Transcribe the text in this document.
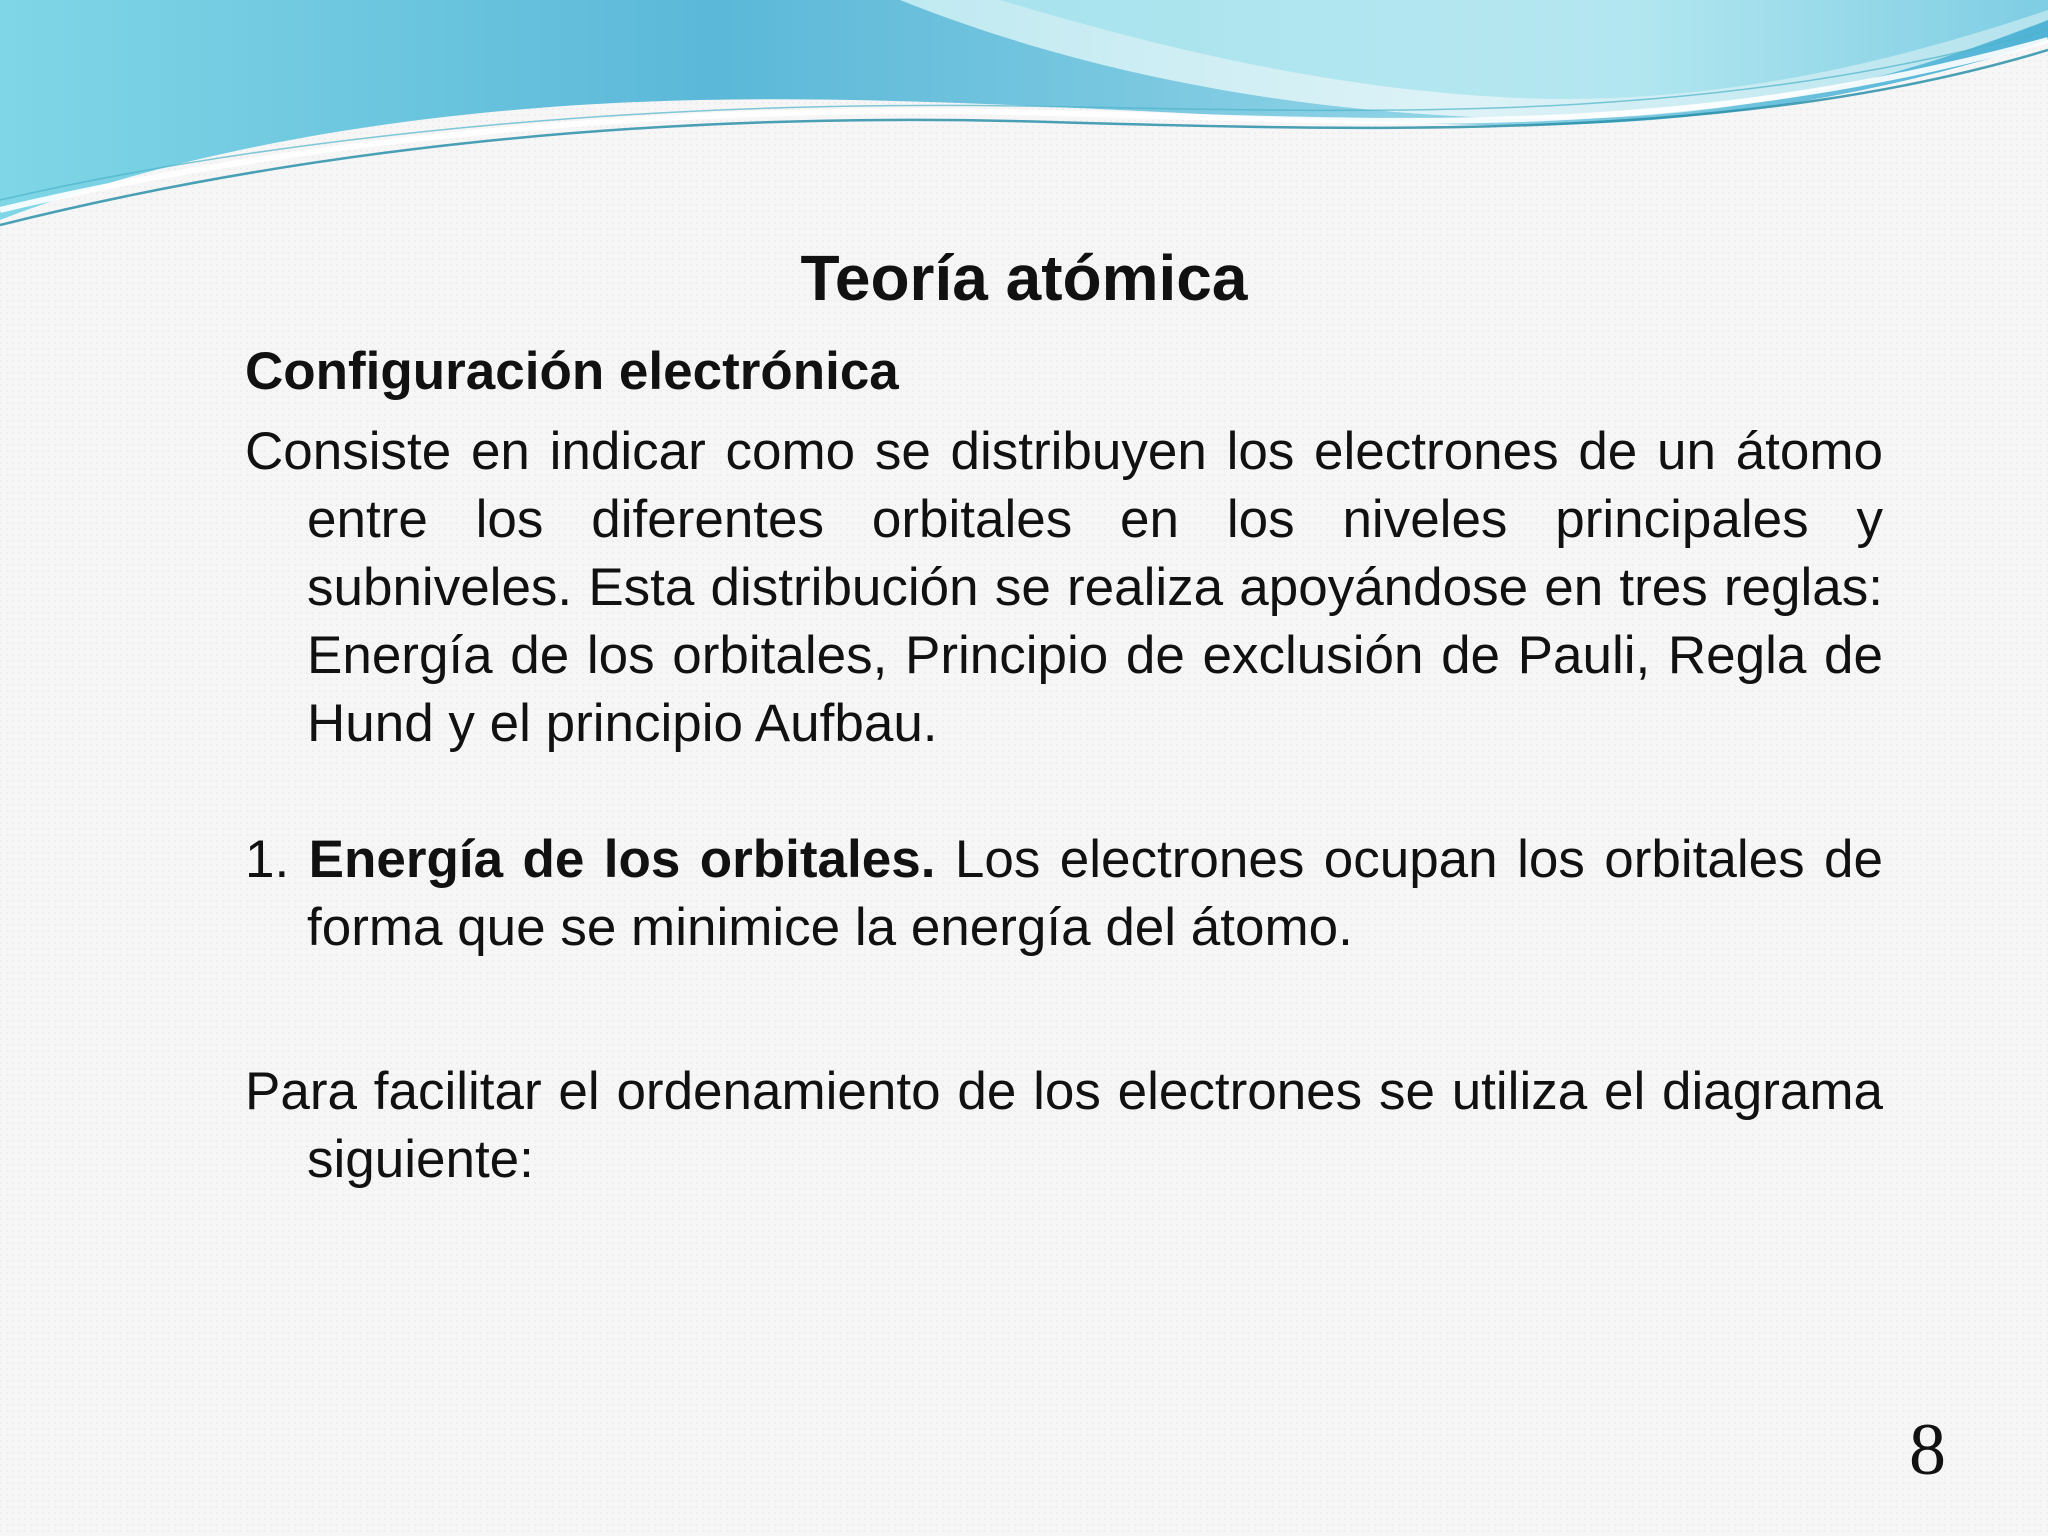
Teoría atómica

Configuración electrónica

Consiste en indicar como se distribuyen los electrones de un átomo entre los diferentes orbitales en los niveles principales y subniveles. Esta distribución se realiza apoyándose en tres reglas: Energía de los orbitales, Principio de exclusión de Pauli, Regla de Hund y el principio Aufbau.

1. Energía de los orbitales. Los electrones ocupan los orbitales de forma que se minimice la energía del átomo.

Para facilitar el ordenamiento de los electrones se utiliza el diagrama siguiente:

8
